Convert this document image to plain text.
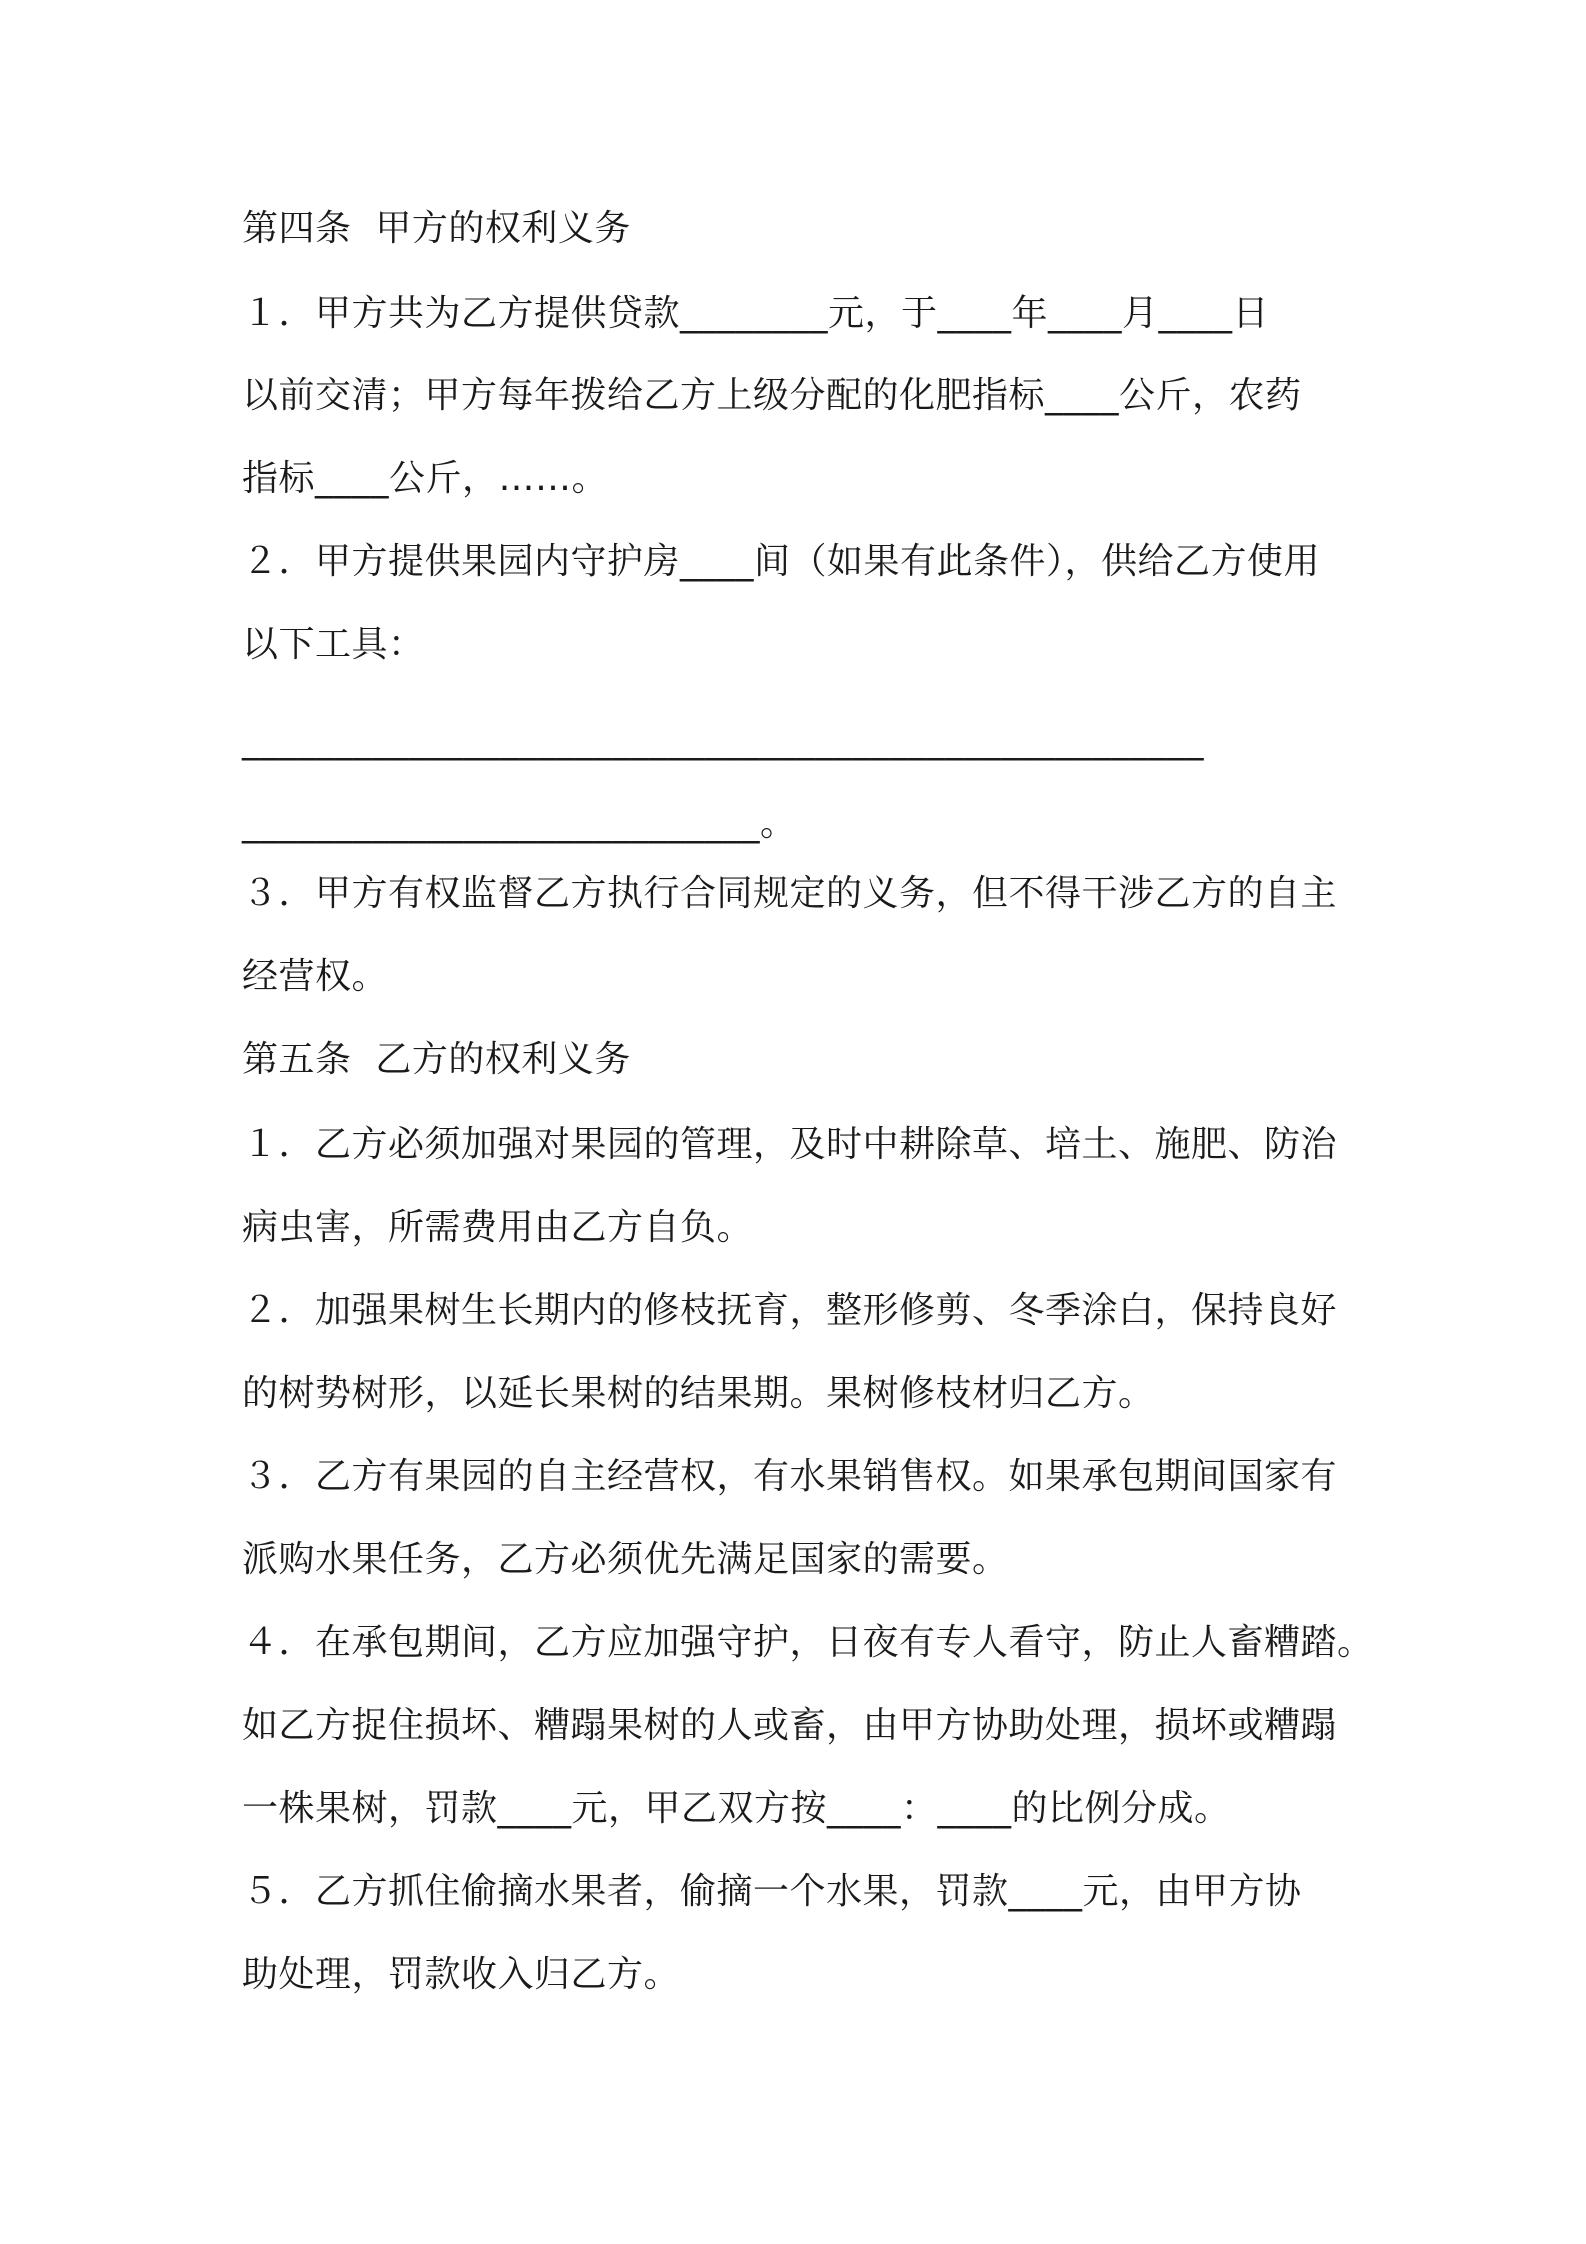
第四条  甲方的权利义务
１．甲方共为乙方提供贷款________元，于____年____月____日
以前交清；甲方每年拨给乙方上级分配的化肥指标____公斤，农药
指标____公斤，……。
２．甲方提供果园内守护房____间（如果有此条件），供给乙方使用
以下工具：
____________________________________________________
____________________________。
３．甲方有权监督乙方执行合同规定的义务，但不得干涉乙方的自主
经营权。
第五条  乙方的权利义务
１．乙方必须加强对果园的管理，及时中耕除草、培土、施肥、防治
病虫害，所需费用由乙方自负。
２．加强果树生长期内的修枝抚育，整形修剪、冬季涂白，保持良好
的树势树形，以延长果树的结果期。果树修枝材归乙方。
３．乙方有果园的自主经营权，有水果销售权。如果承包期间国家有
派购水果任务，乙方必须优先满足国家的需要。
４．在承包期间，乙方应加强守护，日夜有专人看守，防止人畜糟踏。
如乙方捉住损坏、糟蹋果树的人或畜，由甲方协助处理，损坏或糟蹋
一株果树，罚款____元，甲乙双方按____：____的比例分成。
５．乙方抓住偷摘水果者，偷摘一个水果，罚款____元，由甲方协
助处理，罚款收入归乙方。
